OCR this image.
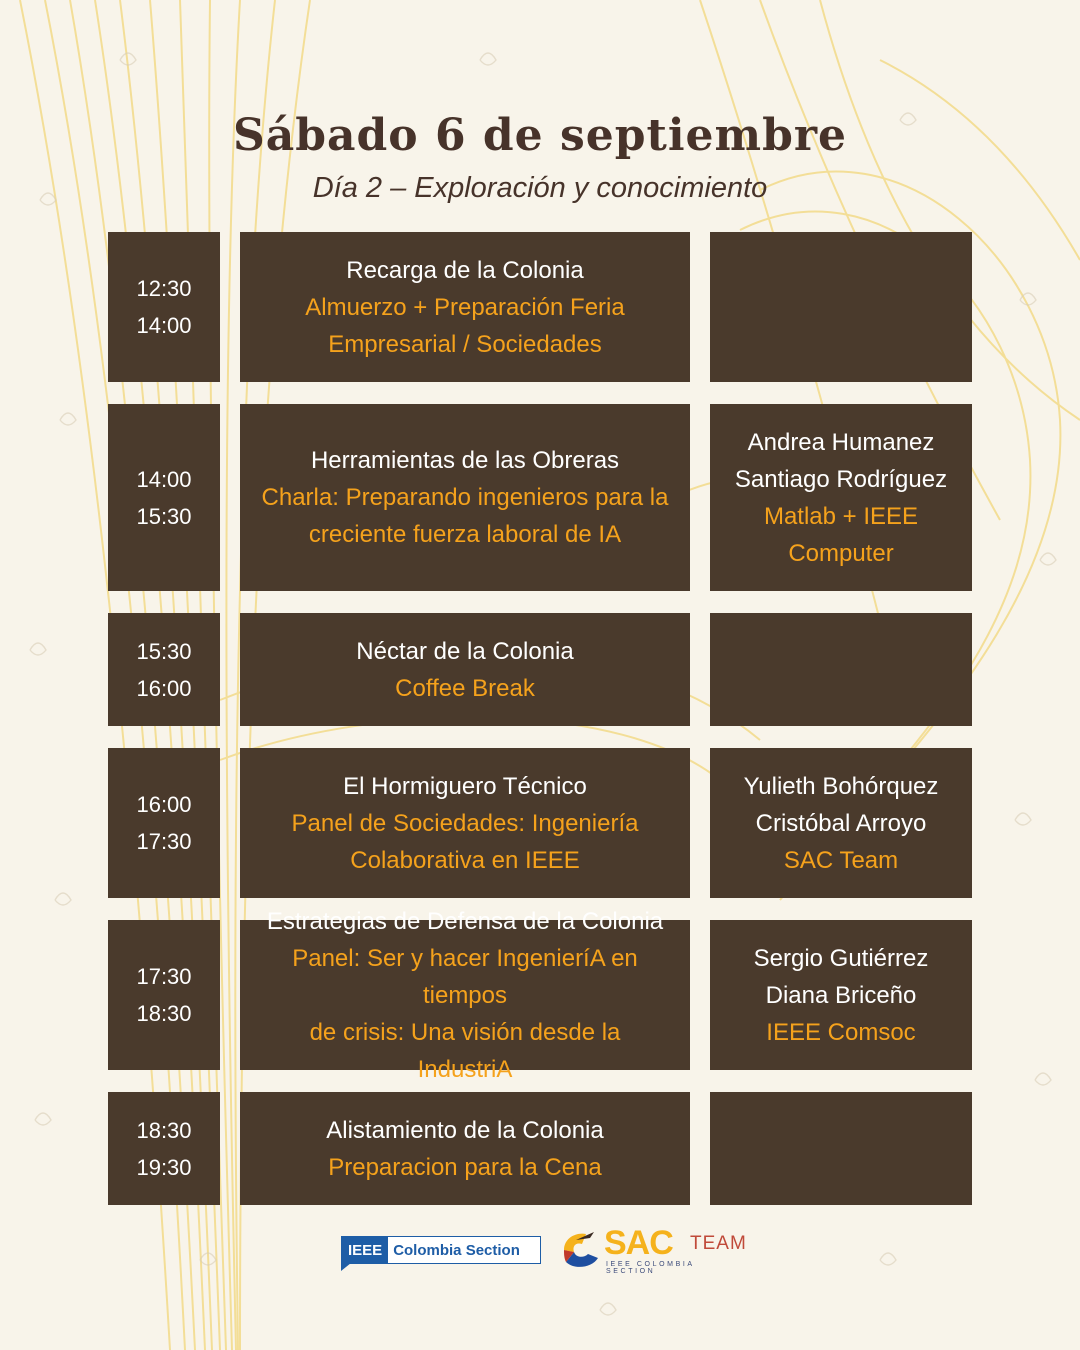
Sábado 6 de septiembre
Día 2 – Exploración y conocimiento
12:30
14:00
Recarga de la Colonia
Almuerzo + Preparación Feria
Empresarial / Sociedades
14:00
15:30
Herramientas de las Obreras
Charla: Preparando ingenieros para la
creciente fuerza laboral de IA
Andrea Humanez
Santiago Rodríguez
Matlab + IEEE
Computer
15:30
16:00
Néctar de la Colonia
Coffee Break
16:00
17:30
El Hormiguero Técnico
Panel de Sociedades: Ingeniería
Colaborativa en IEEE
Yulieth Bohórquez
Cristóbal Arroyo
SAC Team
17:30
18:30
Estrategias de Defensa de la Colonia
Panel: Ser y hacer IngenieríA en tiempos
de crisis: Una visión desde la IndustriA
Sergio Gutiérrez
Diana Briceño
IEEE Comsoc
18:30
19:30
Alistamiento de la Colonia
Preparacion para la Cena
IEEE Colombia Section SAC TEAM
IEEE COLOMBIA SECTION
